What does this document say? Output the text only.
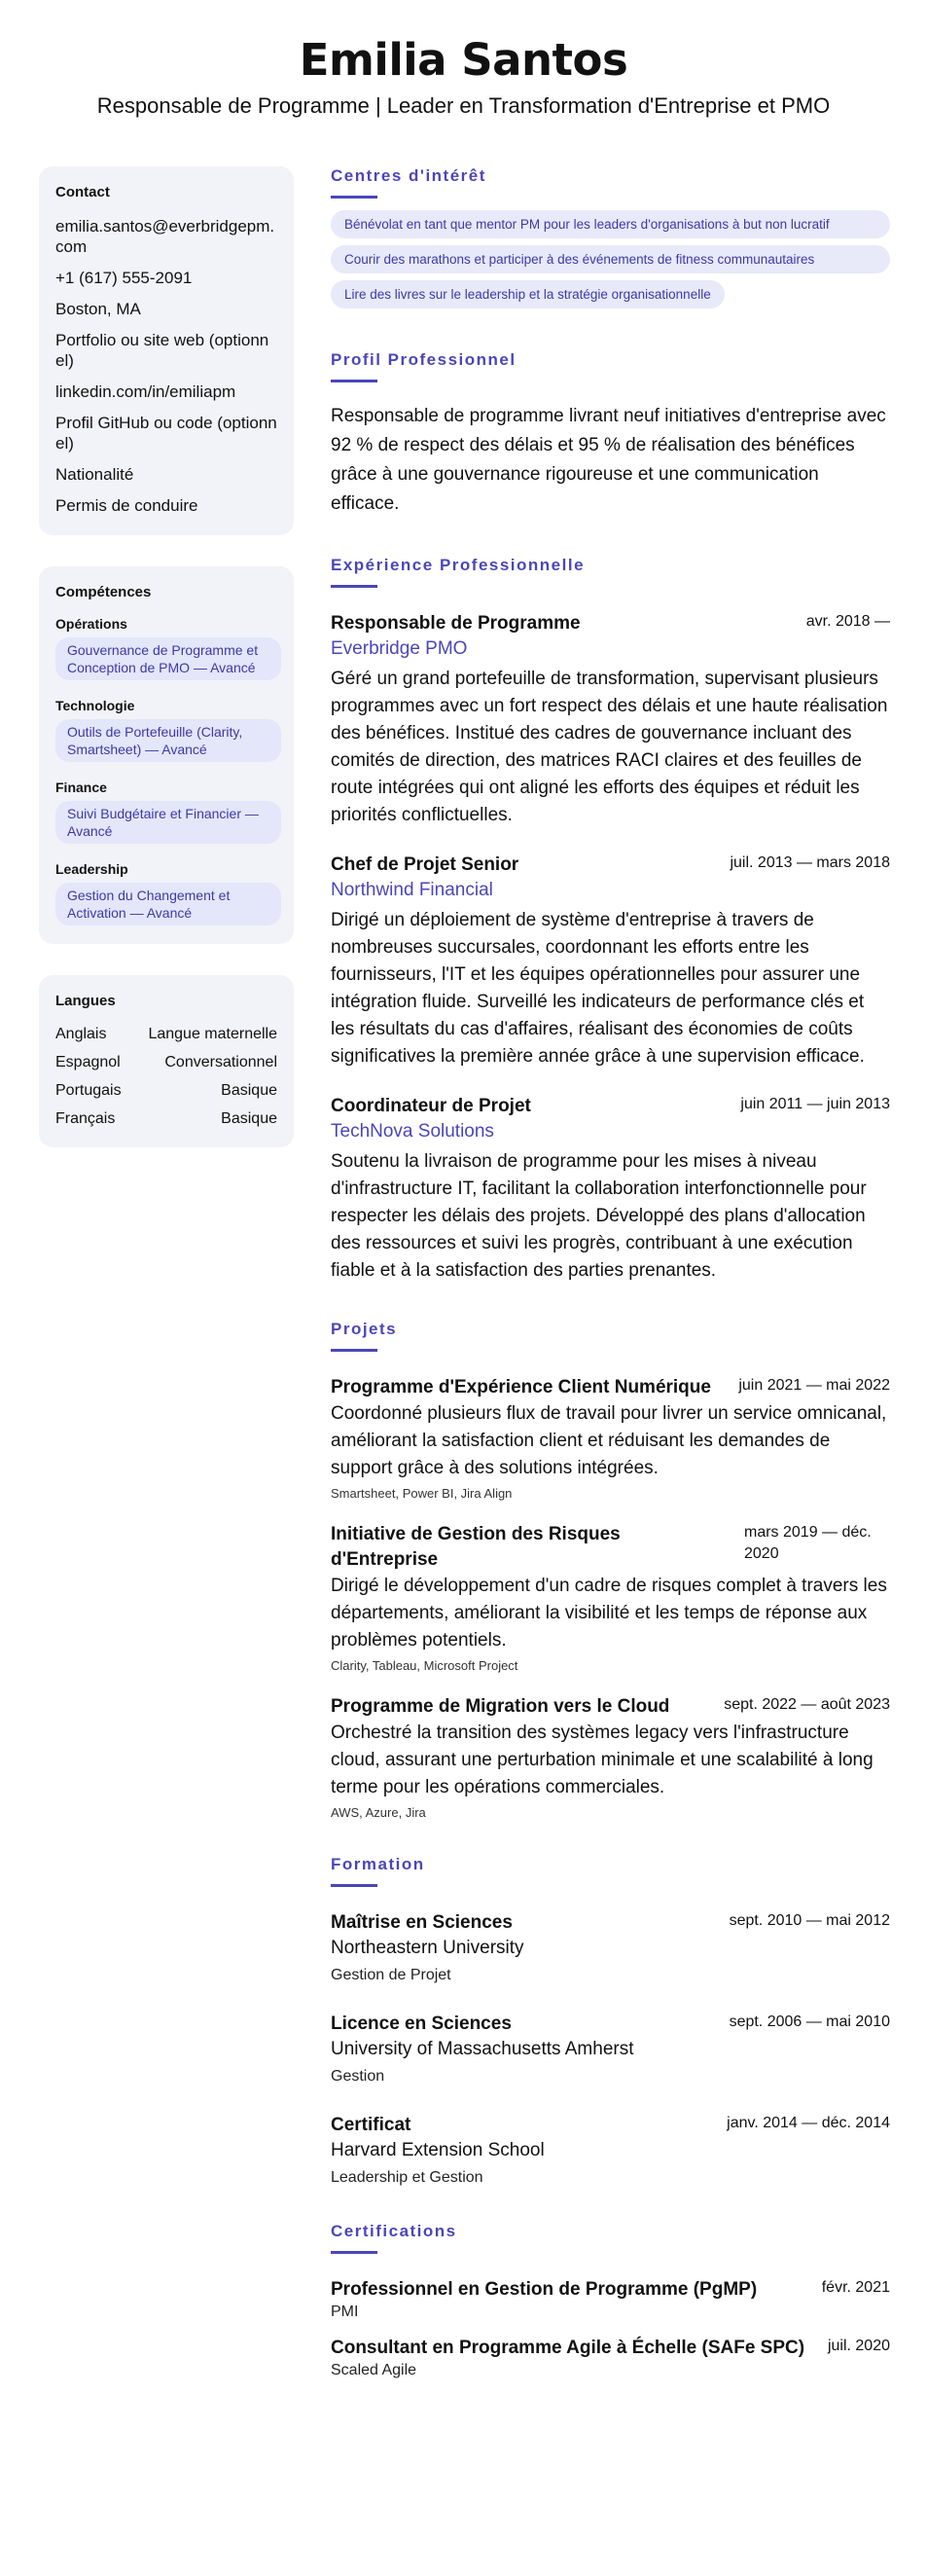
Emilia Santos
Responsable de Programme | Leader en Transformation d'Entreprise et PMO
Contact
emilia.santos@everbridgepm.com
+1 (617) 555-2091
Boston, MA
Portfolio ou site web (optionnel)
linkedin.com/in/emiliapm
Profil GitHub ou code (optionnel)
Nationalité
Permis de conduire
Compétences
Opérations
Gouvernance de Programme et Conception de PMO — Avancé
Technologie
Outils de Portefeuille (Clarity, Smartsheet) — Avancé
Finance
Suivi Budgétaire et Financier — Avancé
Leadership
Gestion du Changement et Activation — Avancé
Langues
Anglais	Langue maternelle
Espagnol	Conversationnel
Portugais	Basique
Français	Basique
Centres d'intérêt
Bénévolat en tant que mentor PM pour les leaders d'organisations à but non lucratif
Courir des marathons et participer à des événements de fitness communautaires
Lire des livres sur le leadership et la stratégie organisationnelle
Profil Professionnel
Responsable de programme livrant neuf initiatives d'entreprise avec 92 % de respect des délais et 95 % de réalisation des bénéfices grâce à une gouvernance rigoureuse et une communication efficace.
Expérience Professionnelle
Responsable de Programme	avr. 2018 —
Everbridge PMO
Géré un grand portefeuille de transformation, supervisant plusieurs programmes avec un fort respect des délais et une haute réalisation des bénéfices. Institué des cadres de gouvernance incluant des comités de direction, des matrices RACI claires et des feuilles de route intégrées qui ont aligné les efforts des équipes et réduit les priorités conflictuelles.
Chef de Projet Senior	juil. 2013 — mars 2018
Northwind Financial
Dirigé un déploiement de système d'entreprise à travers de nombreuses succursales, coordonnant les efforts entre les fournisseurs, l'IT et les équipes opérationnelles pour assurer une intégration fluide. Surveillé les indicateurs de performance clés et les résultats du cas d'affaires, réalisant des économies de coûts significatives la première année grâce à une supervision efficace.
Coordinateur de Projet	juin 2011 — juin 2013
TechNova Solutions
Soutenu la livraison de programme pour les mises à niveau d'infrastructure IT, facilitant la collaboration interfonctionnelle pour respecter les délais des projets. Développé des plans d'allocation des ressources et suivi les progrès, contribuant à une exécution fiable et à la satisfaction des parties prenantes.
Projets
Programme d'Expérience Client Numérique juin 2021 — mai 2022
Coordonné plusieurs flux de travail pour livrer un service omnicanal, améliorant la satisfaction client et réduisant les demandes de support grâce à des solutions intégrées.
Smartsheet, Power BI, Jira Align
Initiative de Gestion des Risques d'Entreprise
mars 2019 — déc. 2020
Dirigé le développement d'un cadre de risques complet à travers les départements, améliorant la visibilité et les temps de réponse aux problèmes potentiels.
Clarity, Tableau, Microsoft Project
Programme de Migration vers le Cloud	sept. 2022 — août 2023
Orchestré la transition des systèmes legacy vers l'infrastructure cloud, assurant une perturbation minimale et une scalabilité à long terme pour les opérations commerciales.
AWS, Azure, Jira
Formation
Maîtrise en Sciences	sept. 2010 — mai 2012
Northeastern University
Gestion de Projet
Licence en Sciences	sept. 2006 — mai 2010
University of Massachusetts Amherst
Gestion
Certificat	janv. 2014 — déc. 2014
Harvard Extension School
Leadership et Gestion
Certifications
Professionnel en Gestion de Programme (PgMP)	févr. 2021
PMI
Consultant en Programme Agile à Échelle (SAFe SPC) juil. 2020
Scaled Agile
